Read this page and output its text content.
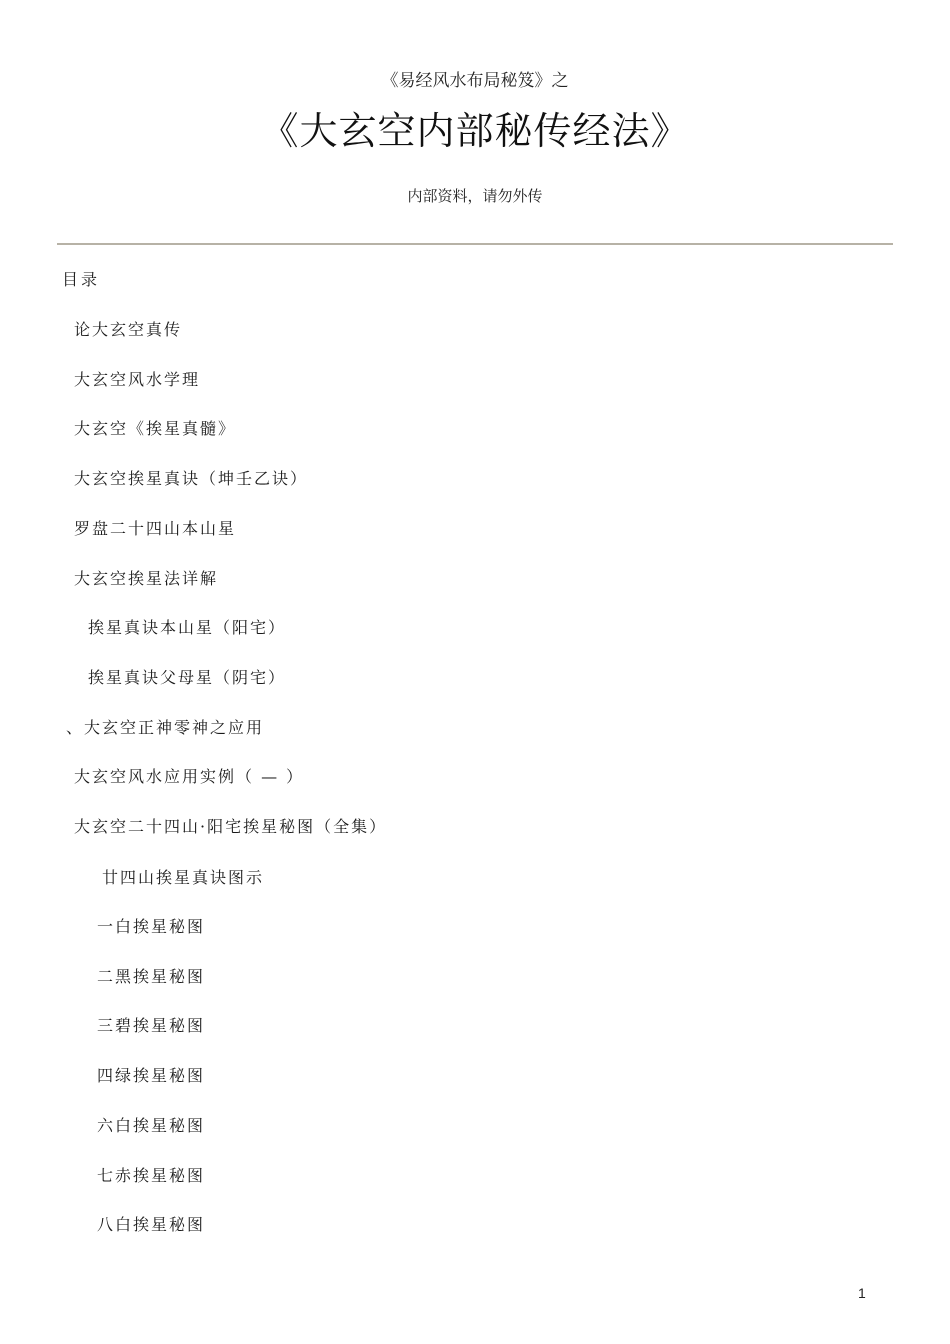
《易经风水布局秘笈》之
《大玄空内部秘传经法》
内部资料，请勿外传
目录
论大玄空真传
大玄空风水学理
大玄空《挨星真髓》
大玄空挨星真诀（坤壬乙诀）
罗盘二十四山本山星
大玄空挨星法详解
挨星真诀本山星（阳宅）
挨星真诀父母星（阴宅）
、大玄空正神零神之应用
大玄空风水应用实例（ — ）
大玄空二十四山·阳宅挨星秘图（全集）
廿四山挨星真诀图示
一白挨星秘图
二黑挨星秘图
三碧挨星秘图
四绿挨星秘图
六白挨星秘图
七赤挨星秘图
八白挨星秘图
1
